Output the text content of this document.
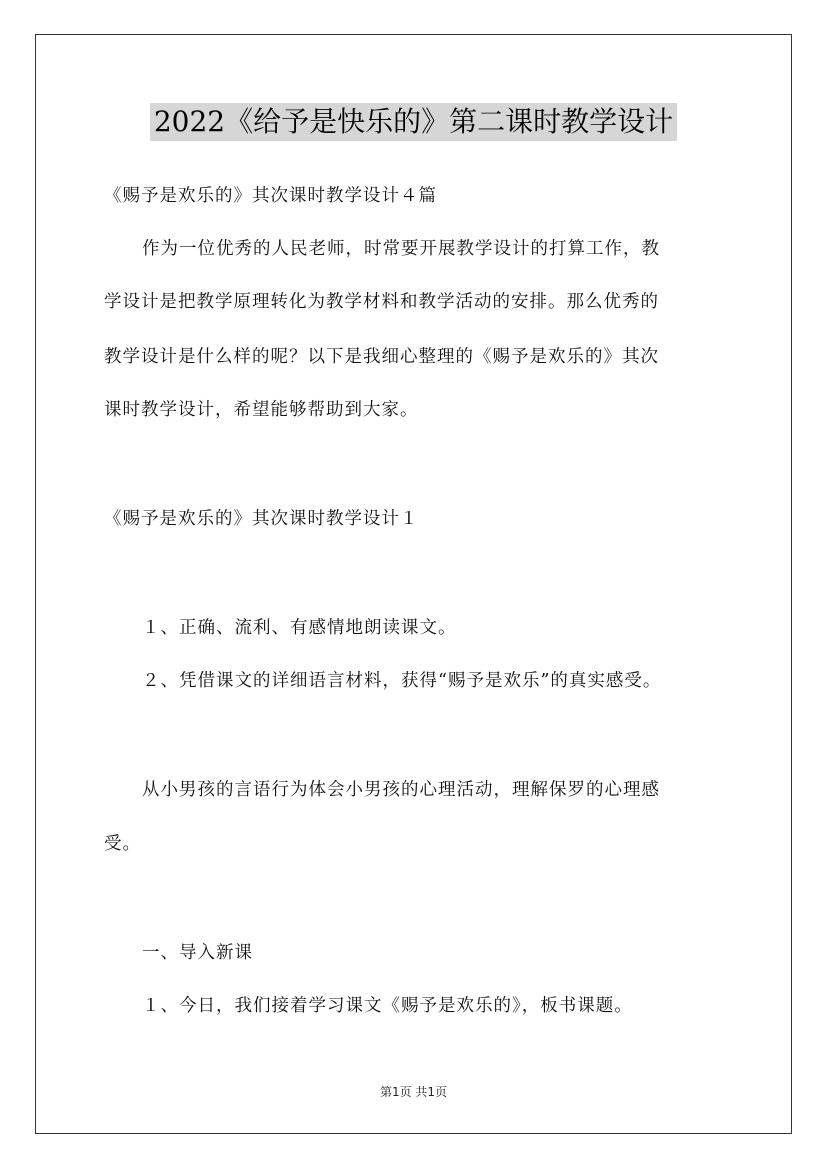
2022《给予是快乐的》第二课时教学设计
《赐予是欢乐的》其次课时教学设计４篇
作为一位优秀的人民老师，时常要开展教学设计的打算工作，教
学设计是把教学原理转化为教学材料和教学活动的安排。那么优秀的
教学设计是什么样的呢？以下是我细心整理的《赐予是欢乐的》其次
课时教学设计，希望能够帮助到大家。
《赐予是欢乐的》其次课时教学设计１
１、正确、流利、有感情地朗读课文。
２、凭借课文的详细语言材料，获得“赐予是欢乐”的真实感受。
从小男孩的言语行为体会小男孩的心理活动，理解保罗的心理感
受。
一、导入新课
１、今日，我们接着学习课文《赐予是欢乐的》，板书课题。
第1页 共1页
